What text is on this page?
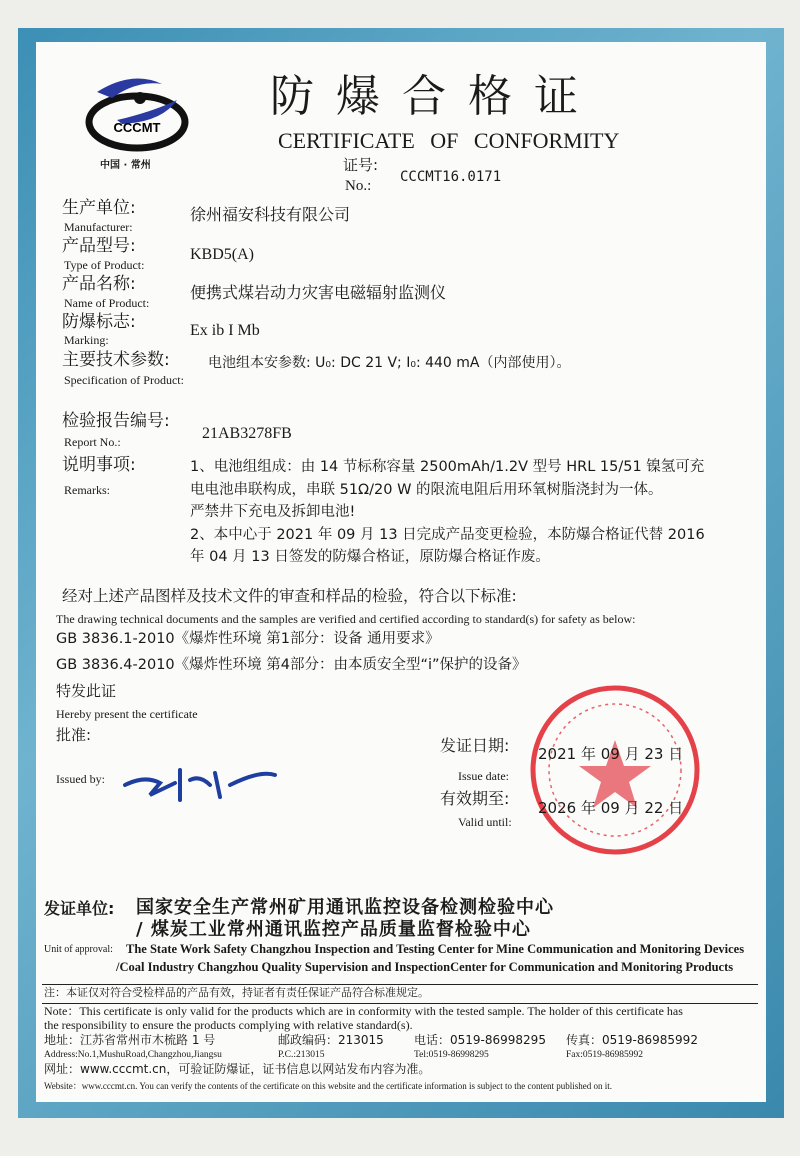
CCCMT
中国 · 常州
防爆合格证
CERTIFICATE OF CONFORMITY
证号:
No.:
CCCMT16.0171
生产单位:
Manufacturer:
徐州福安科技有限公司
产品型号:
Type of Product:
KBD5(A)
产品名称:
Name of Product:
便携式煤岩动力灾害电磁辐射监测仪
防爆标志:
Marking:
Ex ib I Mb
主要技术参数:
Specification of Product:
电池组本安参数: U₀: DC 21 V; I₀: 440 mA（内部使用）。
检验报告编号:
Report No.:	21AB3278FB
说明事项:
Remarks:
1、电池组组成：由 14 节标称容量 2500mAh/1.2V 型号 HRL 15/51 镍氢可充
电电池串联构成，串联 51Ω/20 W 的限流电阻后用环氧树脂浇封为一体。
严禁井下充电及拆卸电池!
2、本中心于 2021 年 09 月 13 日完成产品变更检验，本防爆合格证代替 2016
年 04 月 13 日签发的防爆合格证，原防爆合格证作废。
经对上述产品图样及技术文件的审查和样品的检验，符合以下标准:
The drawing technical documents and the samples are verified and certified according to standard(s) for safety as below:
GB 3836.1-2010《爆炸性环境 第1部分：设备 通用要求》
GB 3836.4-2010《爆炸性环境 第4部分：由本质安全型“i”保护的设备》
特发此证
Hereby present the certificate
批准:
Issued by:
发证日期:
Issue date:
2021 年 09 月 23 日
有效期至:
Valid until:
2026 年 09 月 22 日
发证单位: 国家安全生产常州矿用通讯监控设备检测检验中心
/ 煤炭工业常州通讯监控产品质量监督检验中心
Unit of approval: The State Work Safety Changzhou Inspection and Testing Center for Mine Communication and Monitoring Devices
/Coal Industry Changzhou Quality Supervision and InspectionCenter for Communication and Monitoring Products
注：本证仅对符合受检样品的产品有效，持证者有责任保证产品符合标准规定。
Note：This certificate is only valid for the products which are in conformity with the tested sample. The holder of this certificate has
the responsibility to ensure the products complying with relative standard(s).
地址：江苏省常州市木梳路 1 号	邮政编码：213015	电话：0519-86998295 传真：0519-86985992
Address:No.1,MushuRoad,Changzhou,Jiangsu	P.C.:213015	Tel:0519-86998295	Fax:0519-86985992
网址：www.cccmt.cn，可验证防爆证，证书信息以网站发布内容为准。
Website：www.cccmt.cn. You can verify the contents of the certificate on this website and the certificate information is subject to the content published on it.
